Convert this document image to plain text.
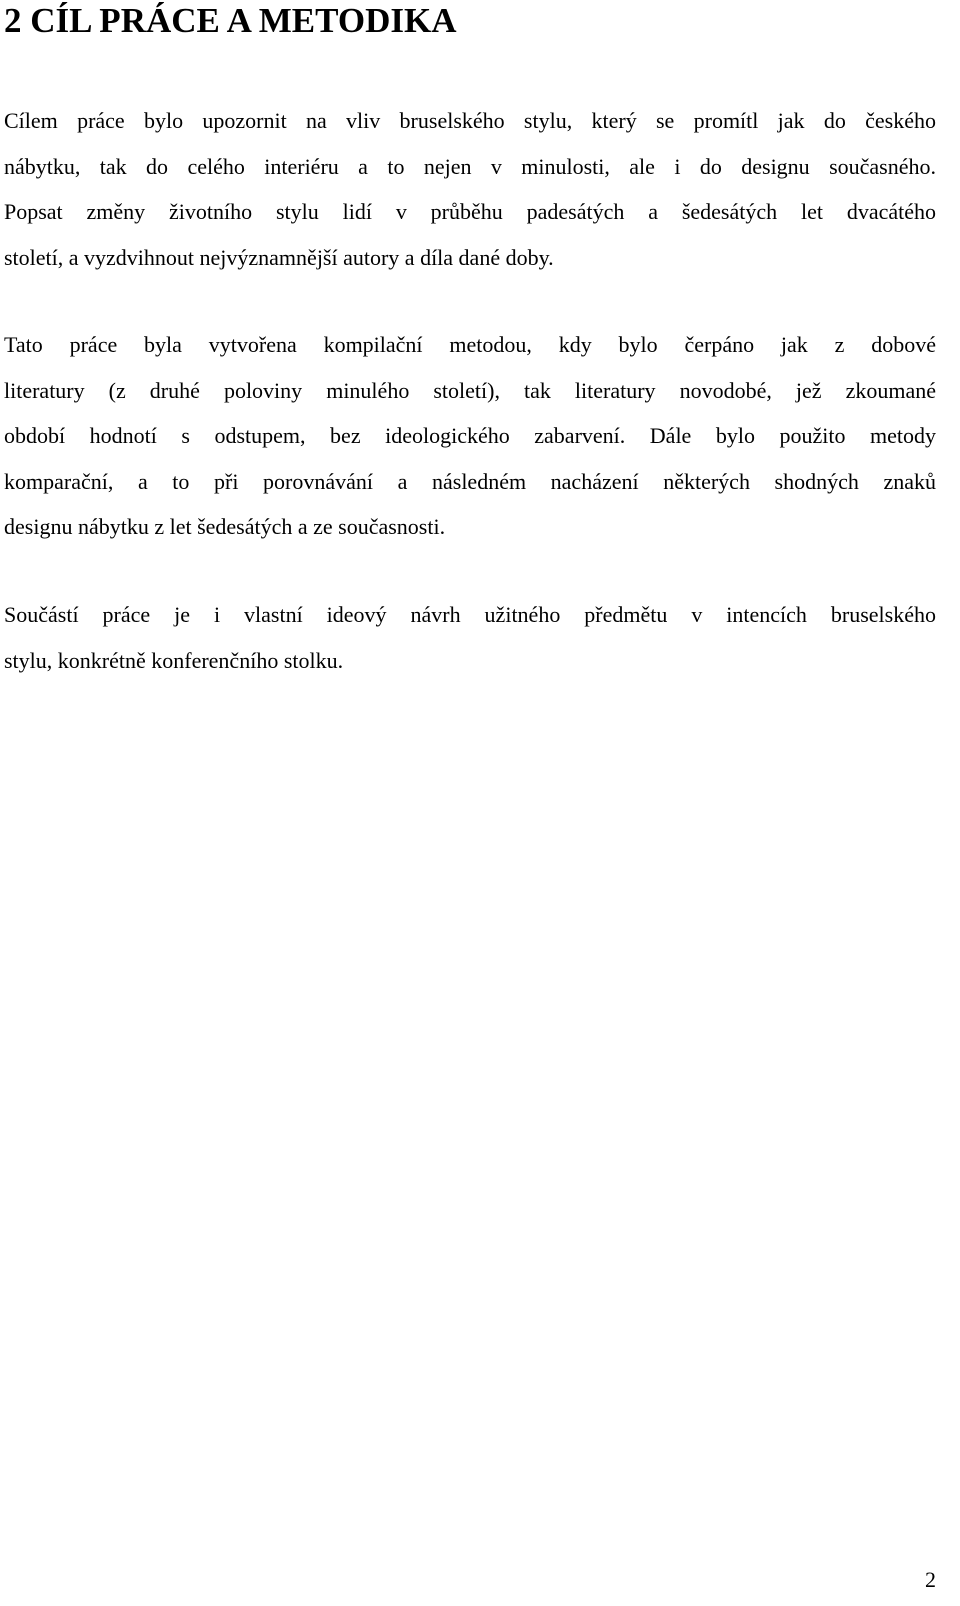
2 CÍL PRÁCE A METODIKA
Cílem práce bylo upozornit na vliv bruselského stylu, který se promítl jak do českého
nábytku, tak do celého interiéru a to nejen v minulosti, ale i do designu současného.
Popsat změny životního stylu lidí v průběhu padesátých a šedesátých let dvacátého
století, a vyzdvihnout nejvýznamnější autory a díla dané doby.
Tato práce byla vytvořena kompilační metodou, kdy bylo čerpáno jak z dobové
literatury (z druhé poloviny minulého století), tak literatury novodobé, jež zkoumané
období hodnotí s odstupem, bez ideologického zabarvení. Dále bylo použito metody
komparační, a to při porovnávání a následném nacházení některých shodných znaků
designu nábytku z let šedesátých a ze současnosti.
Součástí práce je i vlastní ideový návrh užitného předmětu v intencích bruselského
stylu, konkrétně konferenčního stolku.
2
